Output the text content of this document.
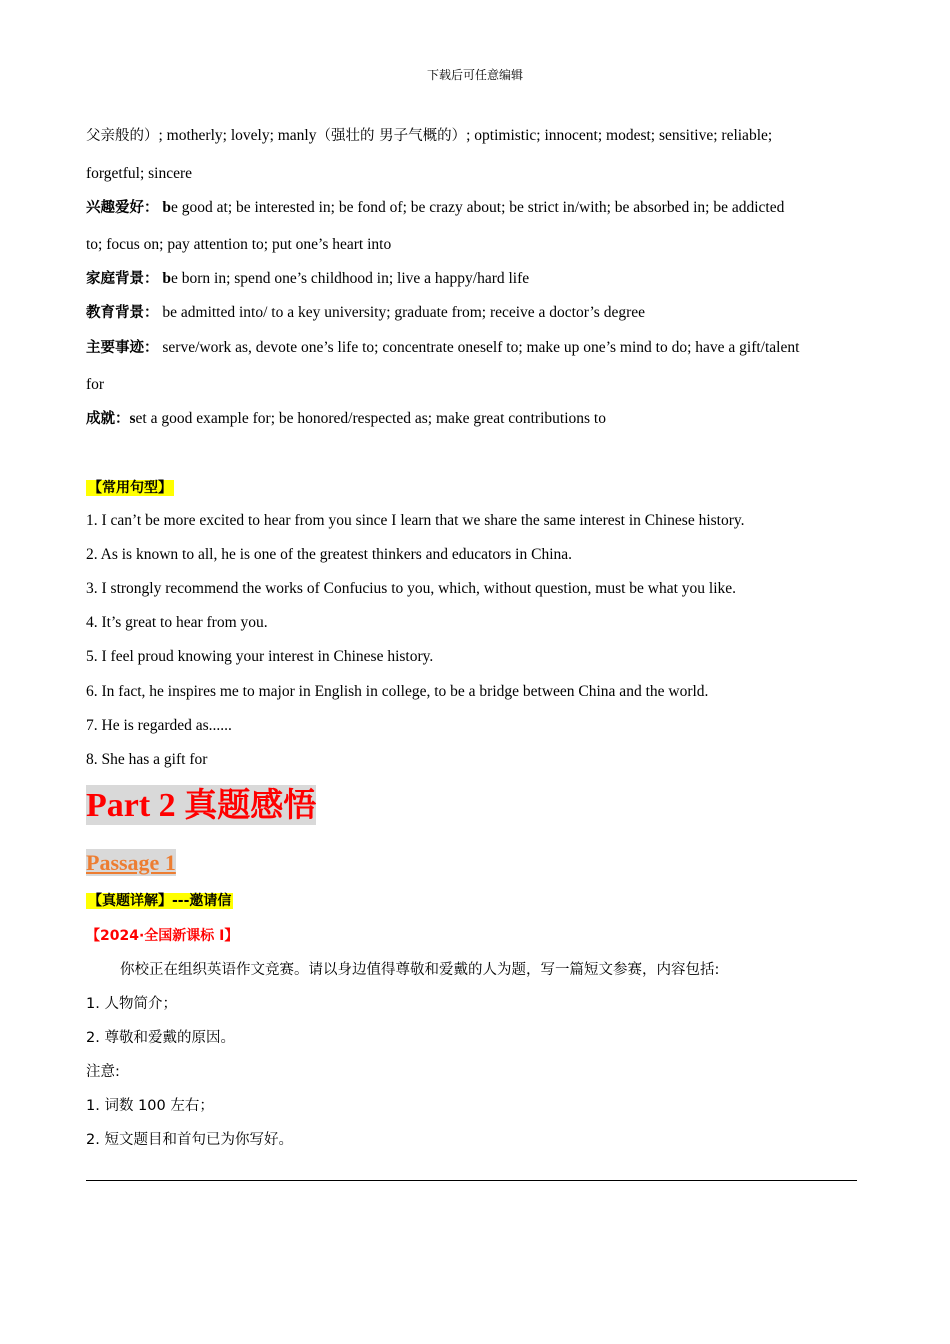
下载后可任意编辑
父亲般的）; motherly; lovely; manly（强壮的 男子气概的）; optimistic; innocent; modest; sensitive; reliable;
forgetful; sincere
兴趣爱好： be good at; be interested in; be fond of; be crazy about; be strict in/with; be absorbed in; be addicted
to; focus on; pay attention to; put one’s heart into
家庭背景： be born in; spend one’s childhood in; live a happy/hard life
教育背景： be admitted into/ to a key university; graduate from; receive a doctor’s degree
主要事迹： serve/work as, devote one’s life to; concentrate oneself to; make up one’s mind to do; have a gift/talent
for
成就：set a good example for; be honored/respected as; make great contributions to
【常用句型】
1. I can’t be more excited to hear from you since I learn that we share the same interest in Chinese history.
2. As is known to all, he is one of the greatest thinkers and educators in China.
3. I strongly recommend the works of Confucius to you, which, without question, must be what you like.
4. It’s great to hear from you.
5. I feel proud knowing your interest in Chinese history.
6. In fact, he inspires me to major in English in college, to be a bridge between China and the world.
7. He is regarded as......
8. She has a gift for
Part 2 真题感悟
Passage 1
【真题详解】---邀请信
【2024·全国新课标 I】
你校正在组织英语作文竞赛。请以身边值得尊敬和爱戴的人为题，写一篇短文参赛，内容包括:
1. 人物简介；
2. 尊敬和爱戴的原因。
注意:
1. 词数 100 左右；
2. 短文题目和首句已为你写好。
